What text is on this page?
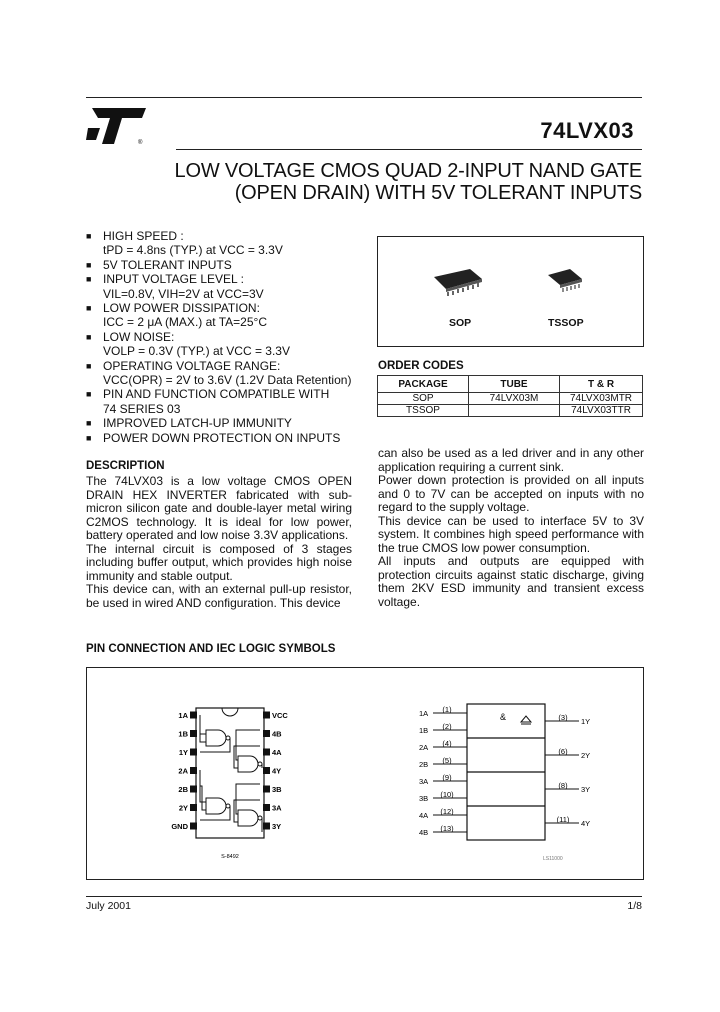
®	74LVX03
LOW VOLTAGE CMOS QUAD 2-INPUT NAND GATE
(OPEN DRAIN) WITH 5V TOLERANT INPUTS
■ HIGH SPEED :
tPD = 4.8ns (TYP.) at VCC = 3.3V
■ 5V TOLERANT INPUTS
■ INPUT VOLTAGE LEVEL :
VIL=0.8V, VIH=2V at VCC=3V
■ LOW POWER DISSIPATION:
ICC = 2 μA (MAX.) at TA=25°C
■ LOW NOISE:
VOLP = 0.3V (TYP.) at VCC = 3.3V
■ OPERATING VOLTAGE RANGE:
VCC(OPR) = 2V to 3.6V (1.2V Data Retention)
■ PIN AND FUNCTION COMPATIBLE WITH
74 SERIES 03
■ IMPROVED LATCH-UP IMMUNITY
■ POWER DOWN PROTECTION ON INPUTS
SOP	TSSOP
ORDER CODES
PACKAGE	TUBE	T & R
SOP	74LVX03M	74LVX03MTR
TSSOP		74LVX03TTR
DESCRIPTION
The 74LVX03 is a low voltage CMOS OPEN DRAIN HEX INVERTER fabricated with sub-micron silicon gate and double-layer metal wiring C2MOS technology. It is ideal for low power, battery operated and low noise 3.3V applications.
The internal circuit is composed of 3 stages including buffer output, which provides high noise immunity and stable output.
This device can, with an external pull-up resistor, be used in wired AND configuration. This device
can also be used as a led driver and in any other application requiring a current sink.
Power down protection is provided on all inputs and 0 to 7V can be accepted on inputs with no regard to the supply voltage.
This device can be used to interface 5V to 3V system. It combines high speed performance with the true CMOS low power consumption.
All inputs and outputs are equipped with protection circuits against static discharge, giving them 2KV ESD immunity and transient excess voltage.
PIN CONNECTION AND IEC LOGIC SYMBOLS
1A
1B
1Y
2A
2B
2Y
GND
VCC
4B
4A
4Y
3B
3A
3Y
S-8492
&
1A (1)
1B (2)
2A (4)
2B (5)
3A (9)
3B (10)
4A (12)
4B (13)
(3) 1Y
(6) 2Y
(8) 3Y
(11) 4Y
LS11000
July 2001	1/8
